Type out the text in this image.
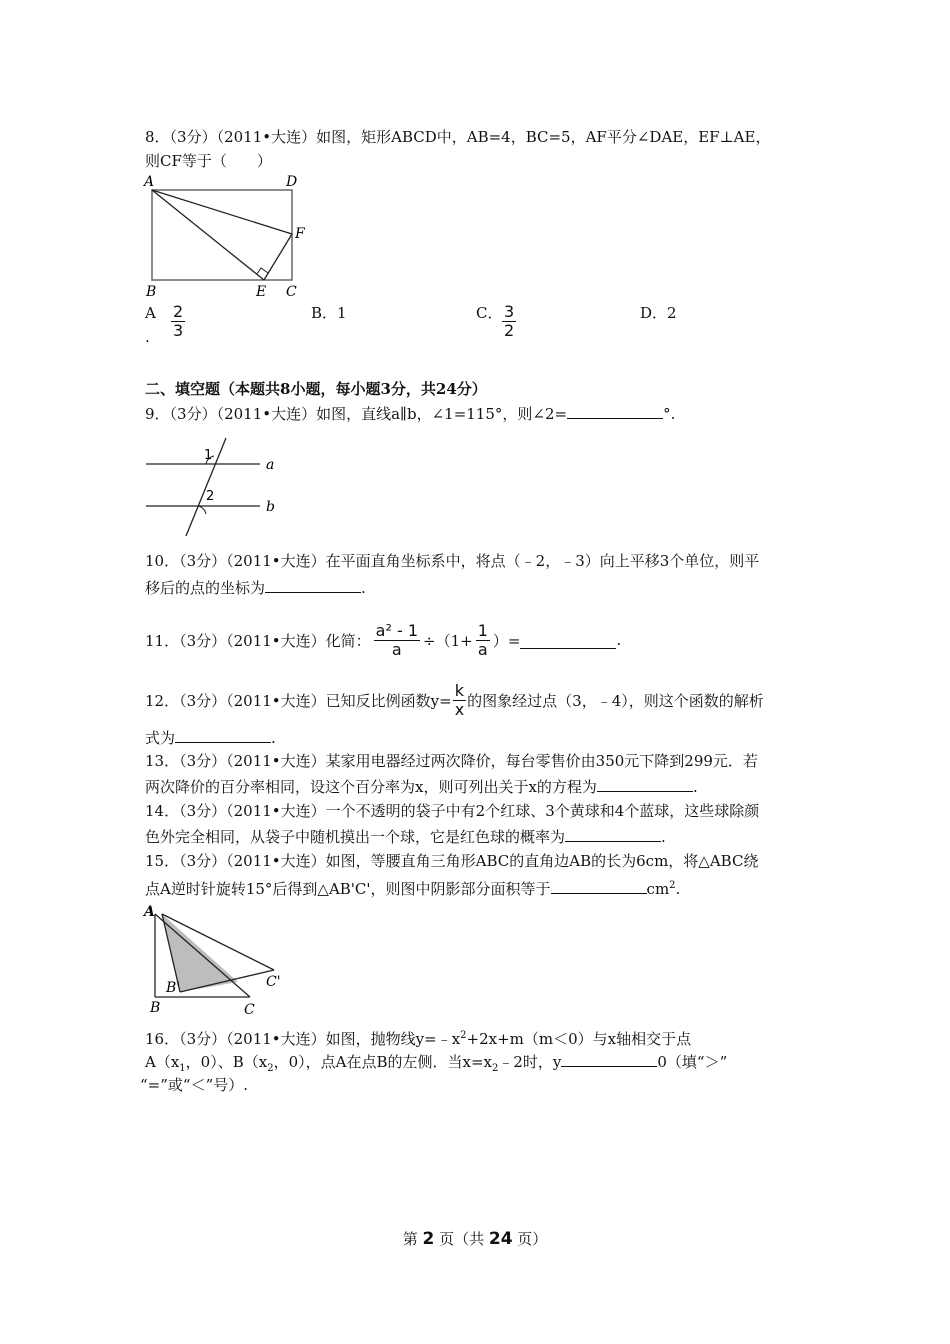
8．（3分）（2011•大连）如图，矩形ABCD中，AB=4，BC=5，AF平分∠DAE，EF⊥AE，
则CF等于（　　）
A	D
F
B	E C
A
. $\frac{2}{3}$	B．1	C． $\frac{3}{2}$	D．2
二、填空题（本题共8小题，每小题3分，共24分）
9．（3分）（2011•大连）如图，直线a∥b，∠1=115°，则∠2=	°.
1
2
a
b
10．（3分）（2011•大连）在平面直角坐标系中，将点（﹣2，﹣3）向上平移3个单位，则平
移后的点的坐标为	.
11．（3分）（2011•大连）化简： $\frac{\text{a² - 1}}{a} \div(1+ \frac{1}{a}$ ）=	.
12．（3分）（2011•大连）已知反比例函数$y= \frac{k}{x}$ 的图象经过点（3，﹣4），则这个函数的解析
式为	.
13．（3分）（2011•大连）某家用电器经过两次降价，每台零售价由350元下降到299元．若
两次降价的百分率相同，设这个百分率为x，则可列出关于x的方程为	.
14．（3分）（2011•大连）一个不透明的袋子中有2个红球、3个黄球和4个蓝球，这些球除颜
色外完全相同，从袋子中随机摸出一个球，它是红色球的概率为	.
15．（3分）（2011•大连）如图，等腰直角三角形ABC的直角边AB的长为6cm，将△ABC绕
点A逆时针旋转15°后得到△AB'C'，则图中阴影部分面积等于	$cm^2$.
A
B'	C'
B	C
16．（3分）（2011•大连）如图，抛物线$y=﹣x^2+2x+m(m<0)$与x轴相交于点
$A(x_1$，0）、$B(x_2$，0），点A在点B的左侧．当$x=x_2﹣2$时，y	0（填“＞”
“=”或“＜”号）.
第 2 页（共 24 页）
